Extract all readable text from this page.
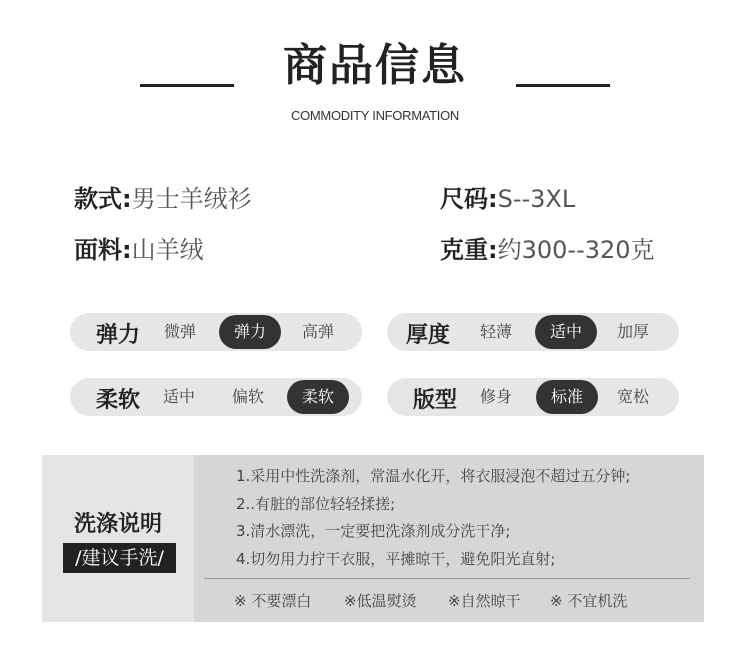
商品信息
COMMODITY INFORMATION
款式:男士羊绒衫	尺码:S--3XL
面料:山羊绒	克重:约300--320克
弹力 微弹	弹力	高弹	厚度 轻薄	适中	加厚
柔软 适中 偏软	柔软	版型 修身	标准	宽松
洗涤说明
/建议手洗/
1.采用中性洗涤剂，常温水化开，将衣服浸泡不超过五分钟;
2..有脏的部位轻轻揉搓;
3.清水漂洗，一定要把洗涤剂成分洗干净;
4.切勿用力拧干衣服，平摊晾干，避免阳光直射;
※ 不要漂白 ※低温熨烫 ※自然晾干 ※ 不宜机洗
